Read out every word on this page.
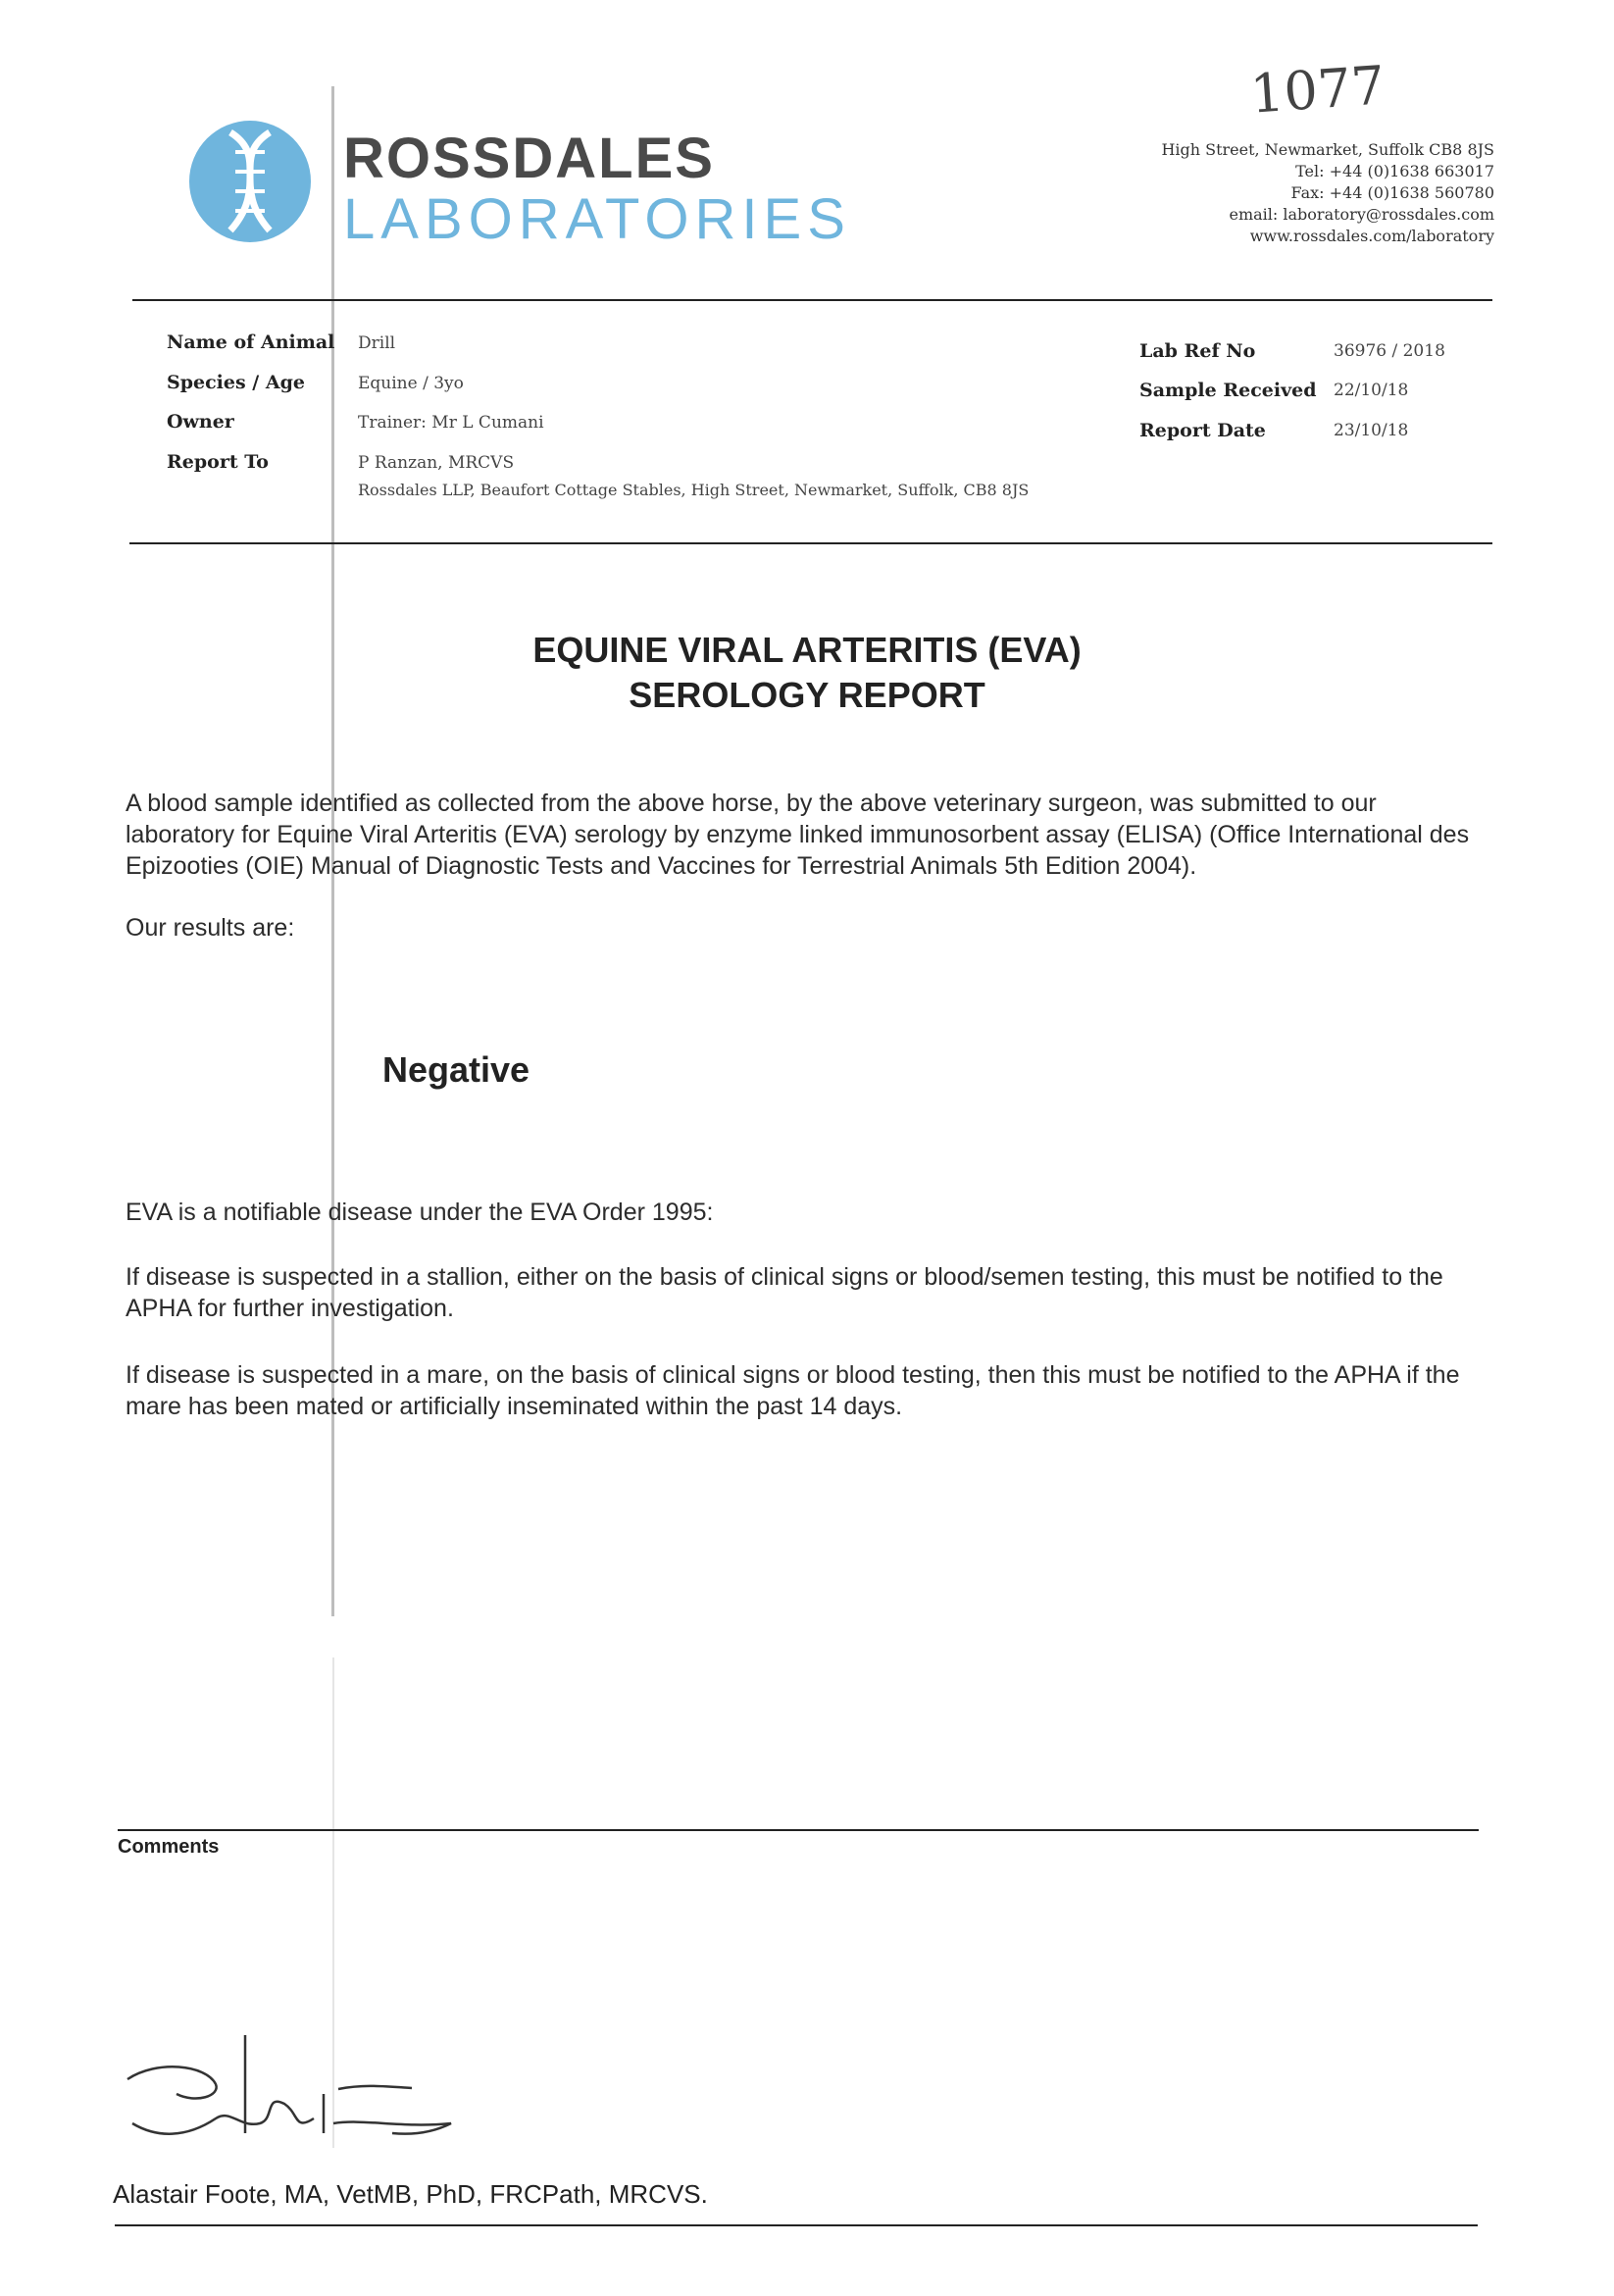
1077
ROSSDALES
LABORATORIES
High Street, Newmarket, Suffolk CB8 8JS
Tel: +44 (0)1638 663017
Fax: +44 (0)1638 560780
email: laboratory@rossdales.com
www.rossdales.com/laboratory
Name of Animal Drill
Species / Age	Equine / 3yo
Owner	Trainer: Mr L Cumani
Report To	P Ranzan, MRCVS
Rossdales LLP, Beaufort Cottage Stables, High Street, Newmarket, Suffolk, CB8 8JS
Lab Ref No	36976 / 2018
Sample Received 22/10/18
Report Date	23/10/18
EQUINE VIRAL ARTERITIS (EVA)
SEROLOGY REPORT
A blood sample identified as collected from the above horse, by the above veterinary surgeon, was submitted to our laboratory for Equine Viral Arteritis (EVA) serology by enzyme linked immunosorbent assay (ELISA) (Office International des Epizooties (OIE) Manual of Diagnostic Tests and Vaccines for Terrestrial Animals 5th Edition 2004).
Our results are:
Negative
EVA is a notifiable disease under the EVA Order 1995:
If disease is suspected in a stallion, either on the basis of clinical signs or blood/semen testing, this must be notified to the APHA for further investigation.
If disease is suspected in a mare, on the basis of clinical signs or blood testing, then this must be notified to the APHA if the mare has been mated or artificially inseminated within the past 14 days.
Comments
Alastair Foote, MA, VetMB, PhD, FRCPath, MRCVS.
